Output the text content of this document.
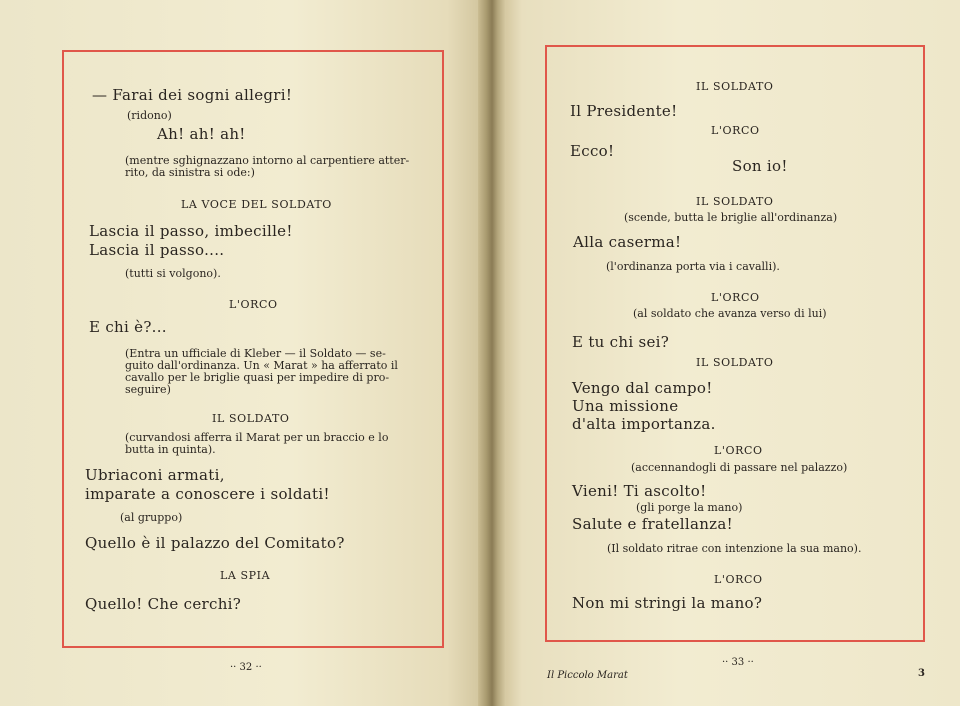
— Farai dei sogni allegri!
(ridono)
Ah! ah! ah!
(mentre sghignazzano intorno al carpentiere atter-
rito, da sinistra si ode:)
LA VOCE DEL SOLDATO
Lascia il passo, imbecille!
Lascia il passo....
(tutti si volgono).
L'ORCO
E chi è?...
(Entra un ufficiale di Kleber — il Soldato — se-
guito dall'ordinanza. Un « Marat » ha afferrato il
cavallo per le briglie quasi per impedire di pro-
seguire)
IL SOLDATO
(curvandosi afferra il Marat per un braccio e lo
butta in quinta).
Ubriaconi armati,
imparate a conoscere i soldati!
(al gruppo)
Quello è il palazzo del Comitato?
LA SPIA
Quello! Che cerchi?
·· 32 ··
IL SOLDATO
Il Presidente!
L'ORCO
Ecco!
Son io!
IL SOLDATO
(scende, butta le briglie all'ordinanza)
Alla caserma!
(l'ordinanza porta via i cavalli).
L'ORCO
(al soldato che avanza verso di lui)
E tu chi sei?
IL SOLDATO
Vengo dal campo!
Una missione
d'alta importanza.
L'ORCO
(accennandogli di passare nel palazzo)
Vieni! Ti ascolto!
(gli porge la mano)
Salute e fratellanza!
(Il soldato ritrae con intenzione la sua mano).
L'ORCO
Non mi stringi la mano?
·· 33 ··
Il Piccolo Marat	3
